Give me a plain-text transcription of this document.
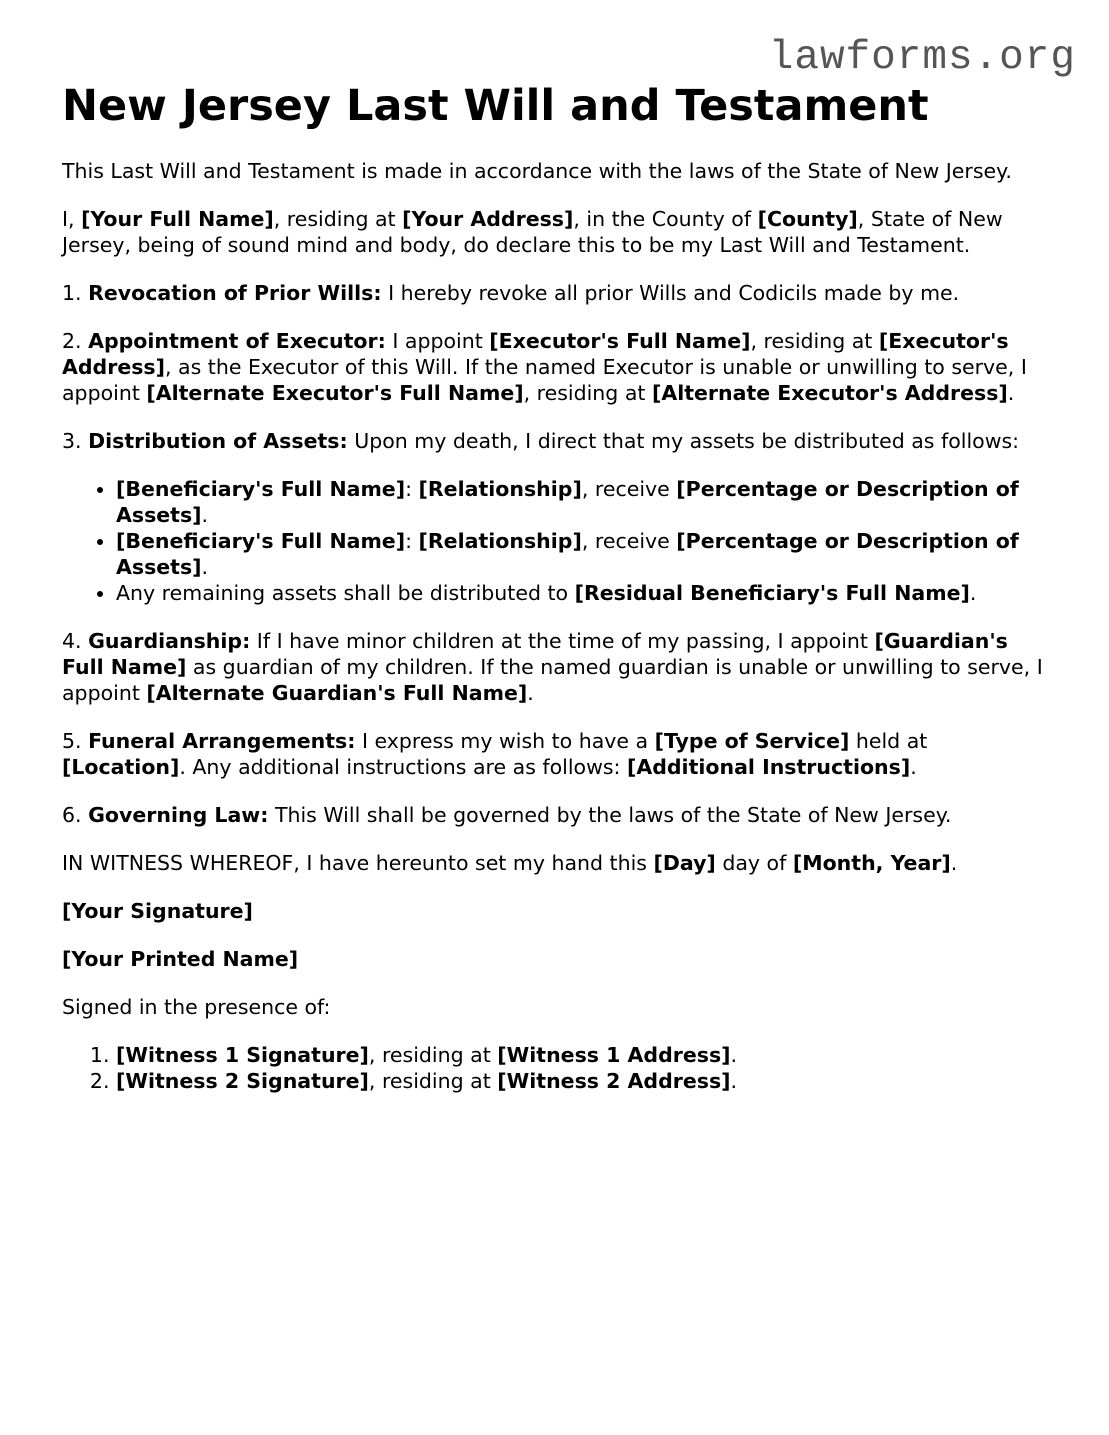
lawforms.org
New Jersey Last Will and Testament

This Last Will and Testament is made in accordance with the laws of the State of New Jersey.

I, [Your Full Name], residing at [Your Address], in the County of [County], State of New Jersey, being of sound mind and body, do declare this to be my Last Will and Testament.

1. Revocation of Prior Wills: I hereby revoke all prior Wills and Codicils made by me.

2. Appointment of Executor: I appoint [Executor's Full Name], residing at [Executor's Address], as the Executor of this Will. If the named Executor is unable or unwilling to serve, I appoint [Alternate Executor's Full Name], residing at [Alternate Executor's Address].

3. Distribution of Assets: Upon my death, I direct that my assets be distributed as follows:

• [Beneficiary's Full Name]: [Relationship], receive [Percentage or Description of Assets].
• [Beneficiary's Full Name]: [Relationship], receive [Percentage or Description of Assets].
• Any remaining assets shall be distributed to [Residual Beneficiary's Full Name].

4. Guardianship: If I have minor children at the time of my passing, I appoint [Guardian's Full Name] as guardian of my children. If the named guardian is unable or unwilling to serve, I appoint [Alternate Guardian's Full Name].

5. Funeral Arrangements: I express my wish to have a [Type of Service] held at [Location]. Any additional instructions are as follows: [Additional Instructions].

6. Governing Law: This Will shall be governed by the laws of the State of New Jersey.

IN WITNESS WHEREOF, I have hereunto set my hand this [Day] day of [Month, Year].

[Your Signature]

[Your Printed Name]

Signed in the presence of:

1. [Witness 1 Signature], residing at [Witness 1 Address].
2. [Witness 2 Signature], residing at [Witness 2 Address].
